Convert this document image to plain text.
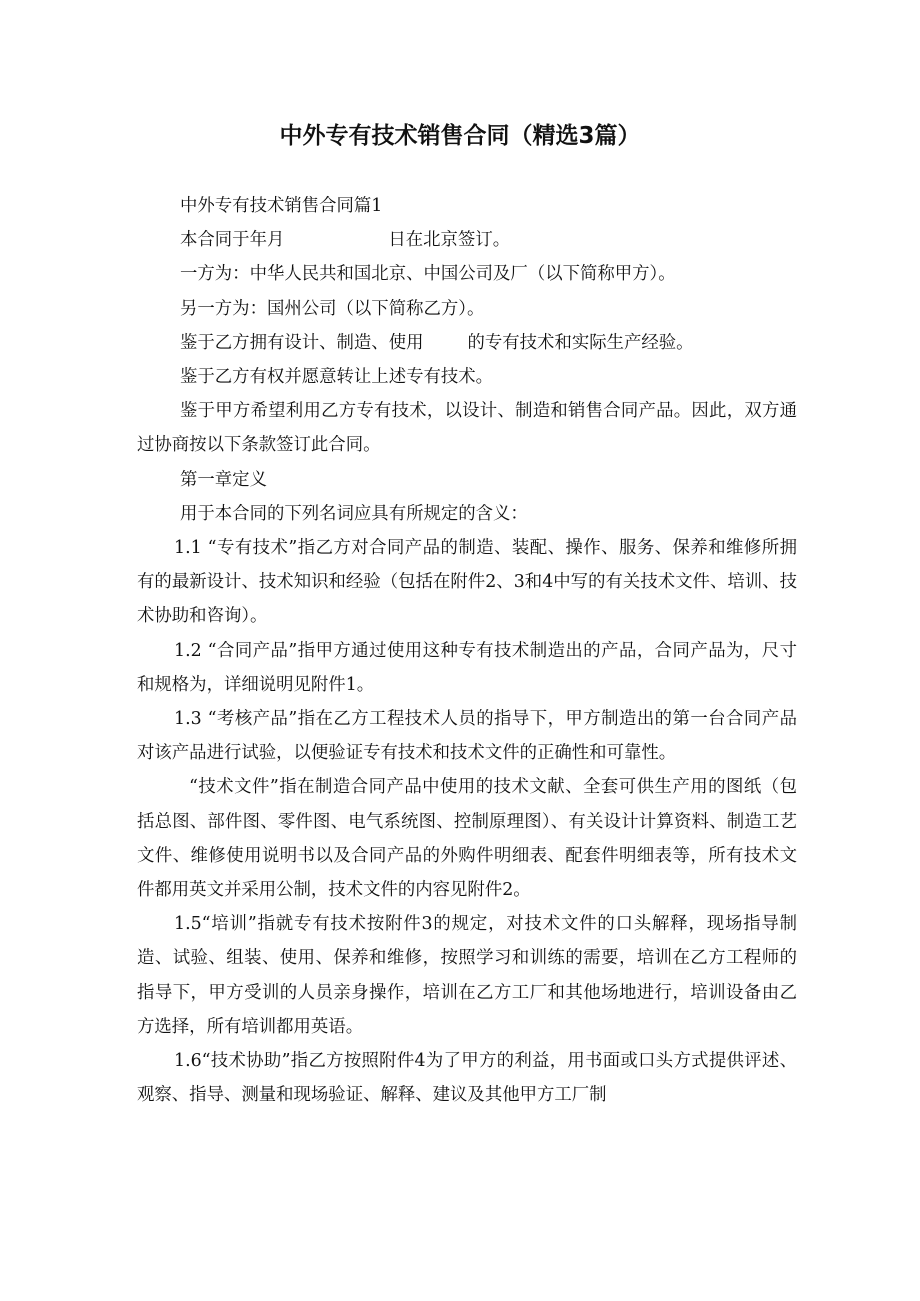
中外专有技术销售合同（精选3篇）

中外专有技术销售合同篇1

本合同于年月	日在北京签订。

一方为：中华人民共和国北京、中国公司及厂（以下简称甲方）。

另一方为：国州公司（以下简称乙方）。

鉴于乙方拥有设计、制造、使用	的专有技术和实际生产经验。

鉴于乙方有权并愿意转让上述专有技术。

鉴于甲方希望利用乙方专有技术，以设计、制造和销售合同产品。因此，双方通过协商按以下条款签订此合同。

第一章定义

用于本合同的下列名词应具有所规定的含义：

1.1 “专有技术”指乙方对合同产品的制造、装配、操作、服务、保养和维修所拥有的最新设计、技术知识和经验（包括在附件2、3和4中写的有关技术文件、培训、技术协助和咨询）。

1.2 “合同产品”指甲方通过使用这种专有技术制造出的产品，合同产品为，尺寸和规格为，详细说明见附件1。

1.3 “考核产品”指在乙方工程技术人员的指导下，甲方制造出的第一台合同产品对该产品进行试验，以便验证专有技术和技术文件的正确性和可靠性。

“技术文件”指在制造合同产品中使用的技术文献、全套可供生产用的图纸（包括总图、部件图、零件图、电气系统图、控制原理图）、有关设计计算资料、制造工艺文件、维修使用说明书以及合同产品的外购件明细表、配套件明细表等，所有技术文件都用英文并采用公制，技术文件的内容见附件2。

1.5“培训”指就专有技术按附件3的规定，对技术文件的口头解释，现场指导制造、试验、组装、使用、保养和维修，按照学习和训练的需要，培训在乙方工程师的指导下，甲方受训的人员亲身操作，培训在乙方工厂和其他场地进行，培训设备由乙方选择，所有培训都用英语。

1.6“技术协助”指乙方按照附件4为了甲方的利益，用书面或口头方式提供评述、观察、指导、测量和现场验证、解释、建议及其他甲方工厂制
